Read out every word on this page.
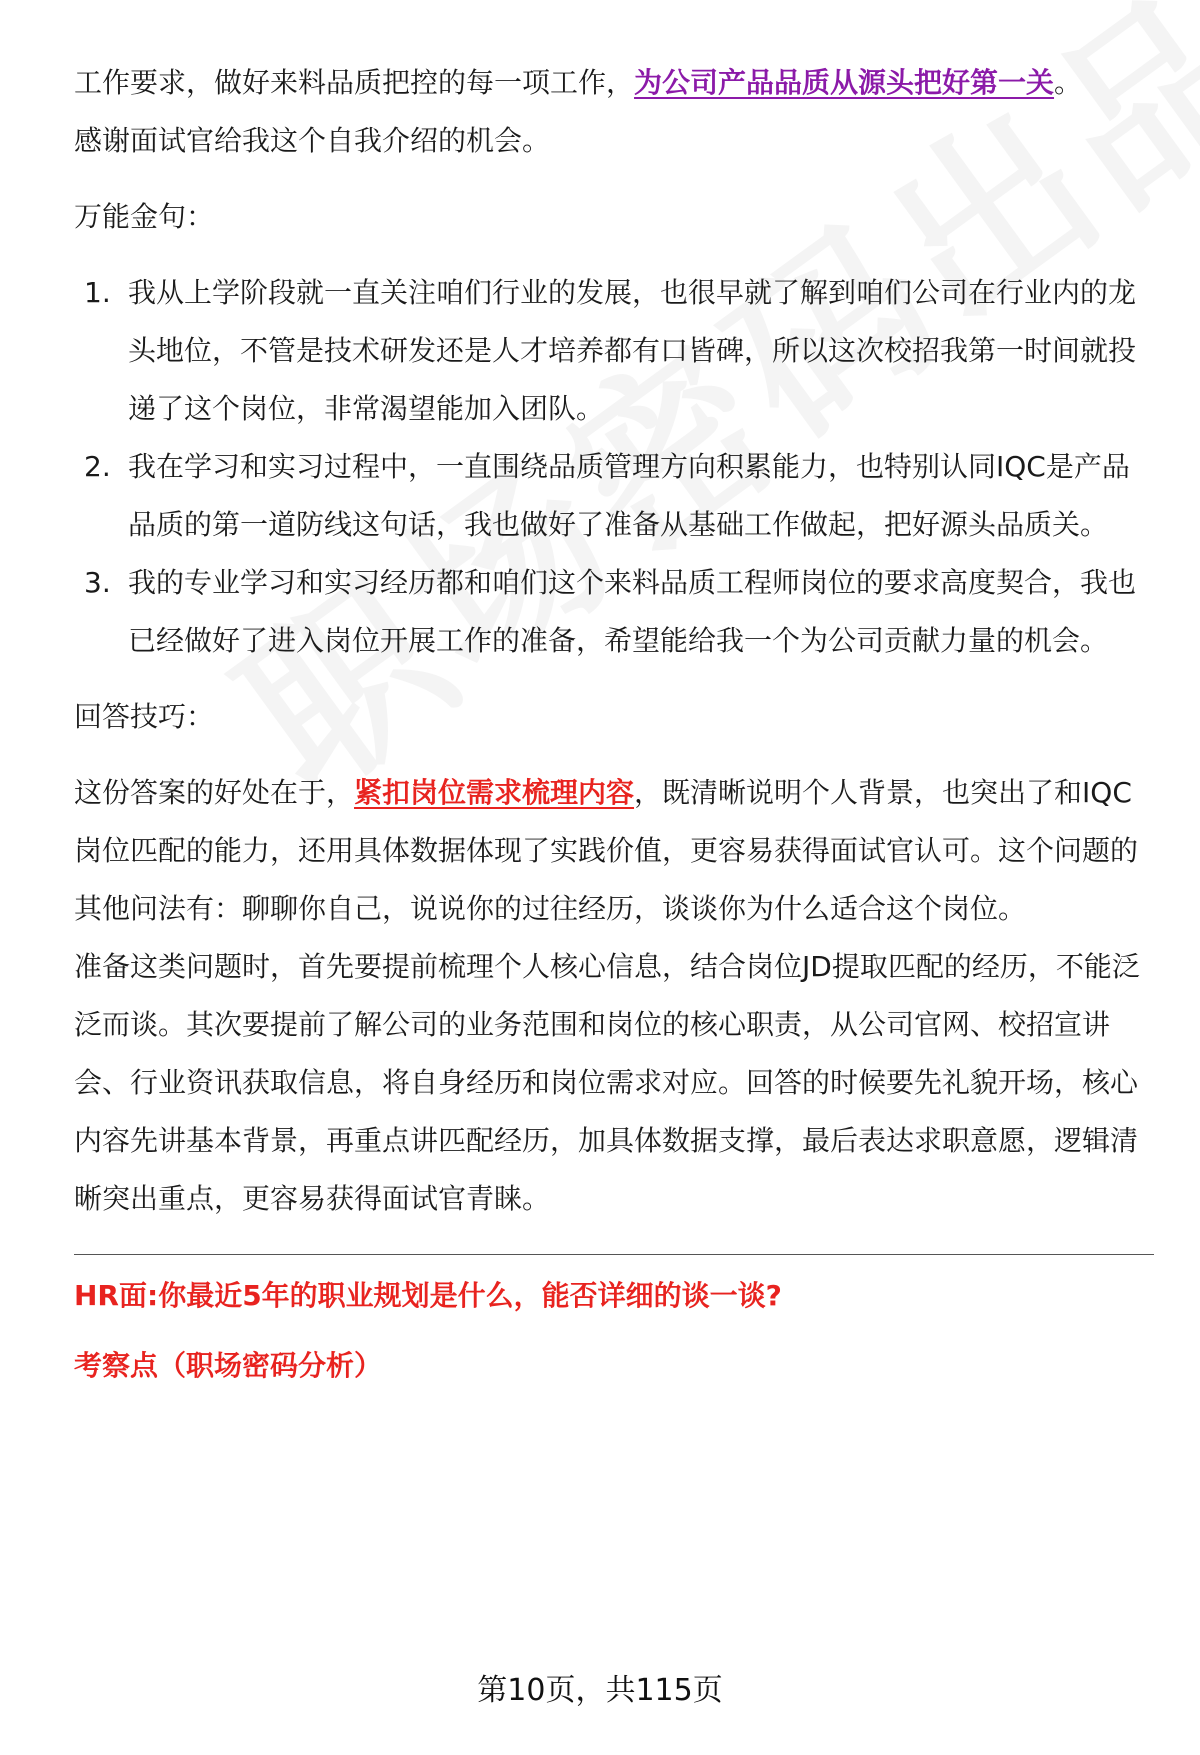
工作要求，做好来料品质把控的每一项工作，为公司产品品质从源头把好第一关。

感谢面试官给我这个自我介绍的机会。

万能金句：

1. 我从上学阶段就一直关注咱们行业的发展，也很早就了解到咱们公司在行业内的龙头地位，不管是技术研发还是人才培养都有口皆碑，所以这次校招我第一时间就投递了这个岗位，非常渴望能加入团队。
2. 我在学习和实习过程中，一直围绕品质管理方向积累能力，也特别认同IQC是产品品质的第一道防线这句话，我也做好了准备从基础工作做起，把好源头品质关。
3. 我的专业学习和实习经历都和咱们这个来料品质工程师岗位的要求高度契合，我也已经做好了进入岗位开展工作的准备，希望能给我一个为公司贡献力量的机会。

回答技巧：

这份答案的好处在于，紧扣岗位需求梳理内容，既清晰说明个人背景，也突出了和IQC岗位匹配的能力，还用具体数据体现了实践价值，更容易获得面试官认可。这个问题的其他问法有：聊聊你自己，说说你的过往经历，谈谈你为什么适合这个岗位。

准备这类问题时，首先要提前梳理个人核心信息，结合岗位JD提取匹配的经历，不能泛泛而谈。其次要提前了解公司的业务范围和岗位的核心职责，从公司官网、校招宣讲会、行业资讯获取信息，将自身经历和岗位需求对应。回答的时候要先礼貌开场，核心内容先讲基本背景，再重点讲匹配经历，加具体数据支撑，最后表达求职意愿，逻辑清晰突出重点，更容易获得面试官青睐。

HR面:你最近5年的职业规划是什么，能否详细的谈一谈?
考察点（职场密码分析）
第10页，共115页
